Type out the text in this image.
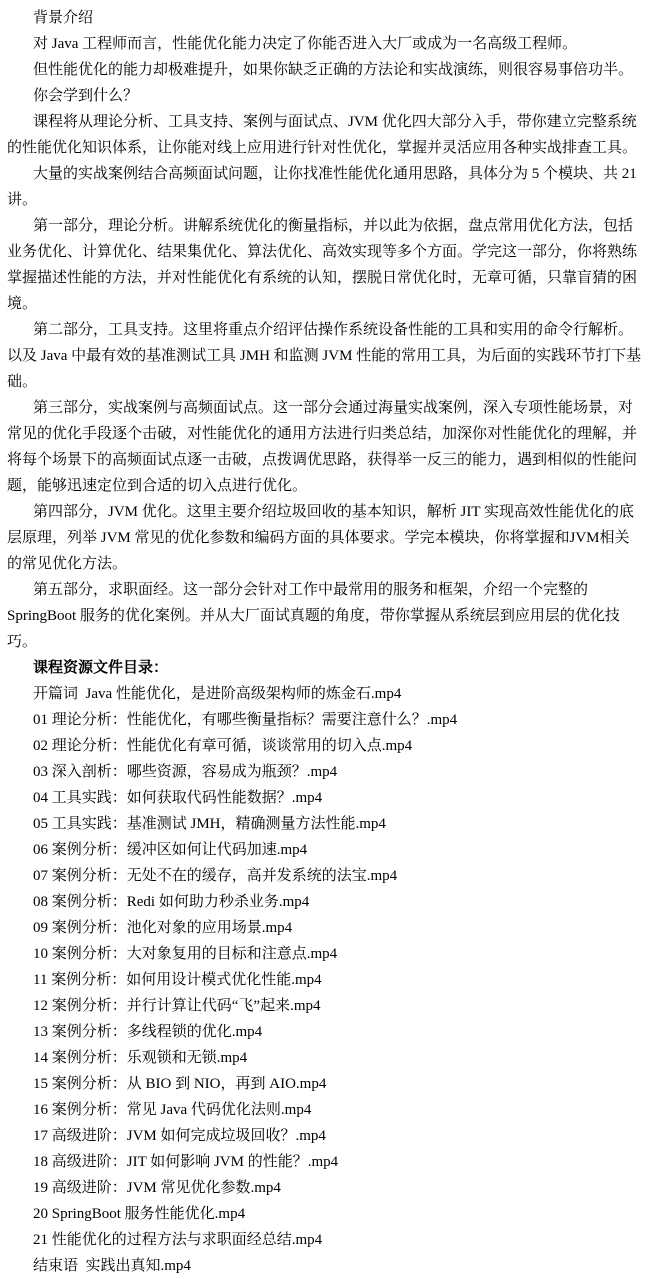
背景介绍

对 Java 工程师而言，性能优化能力决定了你能否进入大厂或成为一名高级工程师。

但性能优化的能力却极难提升，如果你缺乏正确的方法论和实战演练，则很容易事倍功半。

你会学到什么？

课程将从理论分析、工具支持、案例与面试点、JVM 优化四大部分入手，带你建立完整系统的性能优化知识体系，让你能对线上应用进行针对性优化，掌握并灵活应用各种实战排查工具。

大量的实战案例结合高频面试问题，让你找准性能优化通用思路，具体分为 5 个模块、共 21 讲。

第一部分，理论分析。讲解系统优化的衡量指标，并以此为依据，盘点常用优化方法，包括业务优化、计算优化、结果集优化、算法优化、高效实现等多个方面。学完这一部分，你将熟练掌握描述性能的方法，并对性能优化有系统的认知，摆脱日常优化时，无章可循，只靠盲猜的困境。

第二部分，工具支持。这里将重点介绍评估操作系统设备性能的工具和实用的命令行解析。以及 Java 中最有效的基准测试工具 JMH 和监测 JVM 性能的常用工具，为后面的实践环节打下基础。

第三部分，实战案例与高频面试点。这一部分会通过海量实战案例，深入专项性能场景，对常见的优化手段逐个击破，对性能优化的通用方法进行归类总结，加深你对性能优化的理解，并将每个场景下的高频面试点逐一击破，点拨调优思路，获得举一反三的能力，遇到相似的性能问题，能够迅速定位到合适的切入点进行优化。

第四部分，JVM 优化。这里主要介绍垃圾回收的基本知识，解析 JIT 实现高效性能优化的底层原理，列举 JVM 常见的优化参数和编码方面的具体要求。学完本模块，你将掌握和JVM相关的常见优化方法。

第五部分，求职面经。这一部分会针对工作中最常用的服务和框架，介绍一个完整的 SpringBoot 服务的优化案例。并从大厂面试真题的角度，带你掌握从系统层到应用层的优化技巧。

课程资源文件目录：

开篇词  Java 性能优化，是进阶高级架构师的炼金石.mp4

01 理论分析：性能优化，有哪些衡量指标？需要注意什么？.mp4

02 理论分析：性能优化有章可循，谈谈常用的切入点.mp4

03 深入剖析：哪些资源，容易成为瓶颈？.mp4

04 工具实践：如何获取代码性能数据？.mp4

05 工具实践：基准测试 JMH，精确测量方法性能.mp4

06 案例分析：缓冲区如何让代码加速.mp4

07 案例分析：无处不在的缓存，高并发系统的法宝.mp4

08 案例分析：Redi 如何助力秒杀业务.mp4

09 案例分析：池化对象的应用场景.mp4

10 案例分析：大对象复用的目标和注意点.mp4

11 案例分析：如何用设计模式优化性能.mp4

12 案例分析：并行计算让代码“飞”起来.mp4

13 案例分析：多线程锁的优化.mp4

14 案例分析：乐观锁和无锁.mp4

15 案例分析：从 BIO 到 NIO，再到 AIO.mp4

16 案例分析：常见 Java 代码优化法则.mp4

17 高级进阶：JVM 如何完成垃圾回收？.mp4

18 高级进阶：JIT 如何影响 JVM 的性能？.mp4

19 高级进阶：JVM 常见优化参数.mp4

20 SpringBoot 服务性能优化.mp4

21 性能优化的过程方法与求职面经总结.mp4

结束语  实践出真知.mp4
